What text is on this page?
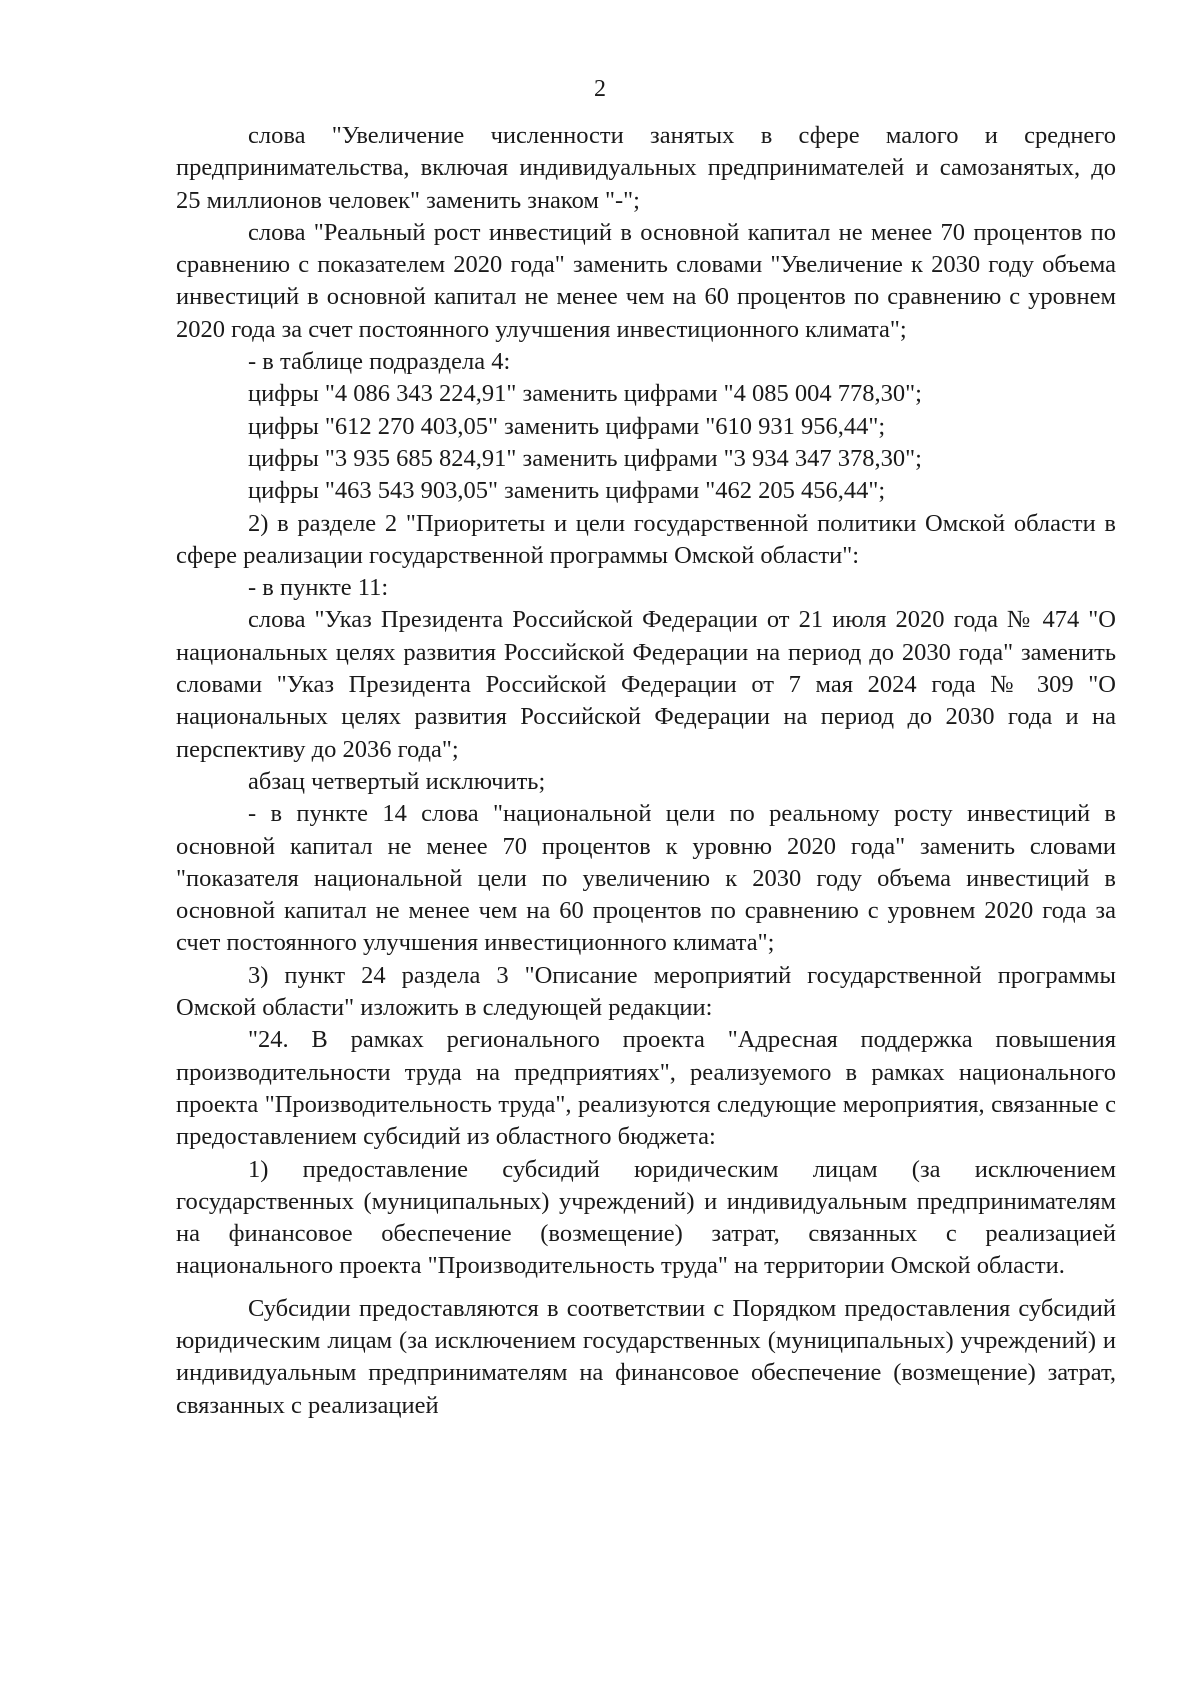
2

слова "Увеличение численности занятых в сфере малого и среднего предпринимательства, включая индивидуальных предпринимателей и самозанятых, до 25 миллионов человек" заменить знаком "-";

слова "Реальный рост инвестиций в основной капитал не менее 70 процентов по сравнению с показателем 2020 года" заменить словами "Увеличение к 2030 году объема инвестиций в основной капитал не менее чем на 60 процентов по сравнению с уровнем 2020 года за счет постоянного улучшения инвестиционного климата";

- в таблице подраздела 4:

цифры "4 086 343 224,91" заменить цифрами "4 085 004 778,30";

цифры "612 270 403,05" заменить цифрами "610 931 956,44";

цифры "3 935 685 824,91" заменить цифрами "3 934 347 378,30";

цифры "463 543 903,05" заменить цифрами "462 205 456,44";

2) в разделе 2 "Приоритеты и цели государственной политики Омской области в сфере реализации государственной программы Омской области":

- в пункте 11:

слова "Указ Президента Российской Федерации от 21 июля 2020 года № 474 "О национальных целях развития Российской Федерации на период до 2030 года" заменить словами "Указ Президента Российской Федерации от 7 мая 2024 года № 309 "О национальных целях развития Российской Федерации на период до 2030 года и на перспективу до 2036 года";

абзац четвертый исключить;

- в пункте 14 слова "национальной цели по реальному росту инвестиций в основной капитал не менее 70 процентов к уровню 2020 года" заменить словами "показателя национальной цели по увеличению к 2030 году объема инвестиций в основной капитал не менее чем на 60 процентов по сравнению с уровнем 2020 года за счет постоянного улучшения инвестиционного климата";

3) пункт 24 раздела 3 "Описание мероприятий государственной программы Омской области" изложить в следующей редакции:

"24. В рамках регионального проекта "Адресная поддержка повышения производительности труда на предприятиях", реализуемого в рамках национального проекта "Производительность труда", реализуются следующие мероприятия, связанные с предоставлением субсидий из областного бюджета:

1) предоставление субсидий юридическим лицам (за исключением государственных (муниципальных) учреждений) и индивидуальным предпринимателям на финансовое обеспечение (возмещение) затрат, связанных с реализацией национального проекта "Производительность труда" на территории Омской области.

Субсидии предоставляются в соответствии с Порядком предоставления субсидий юридическим лицам (за исключением государственных (муниципальных) учреждений) и индивидуальным предпринимателям на финансовое обеспечение (возмещение) затрат, связанных с реализацией
